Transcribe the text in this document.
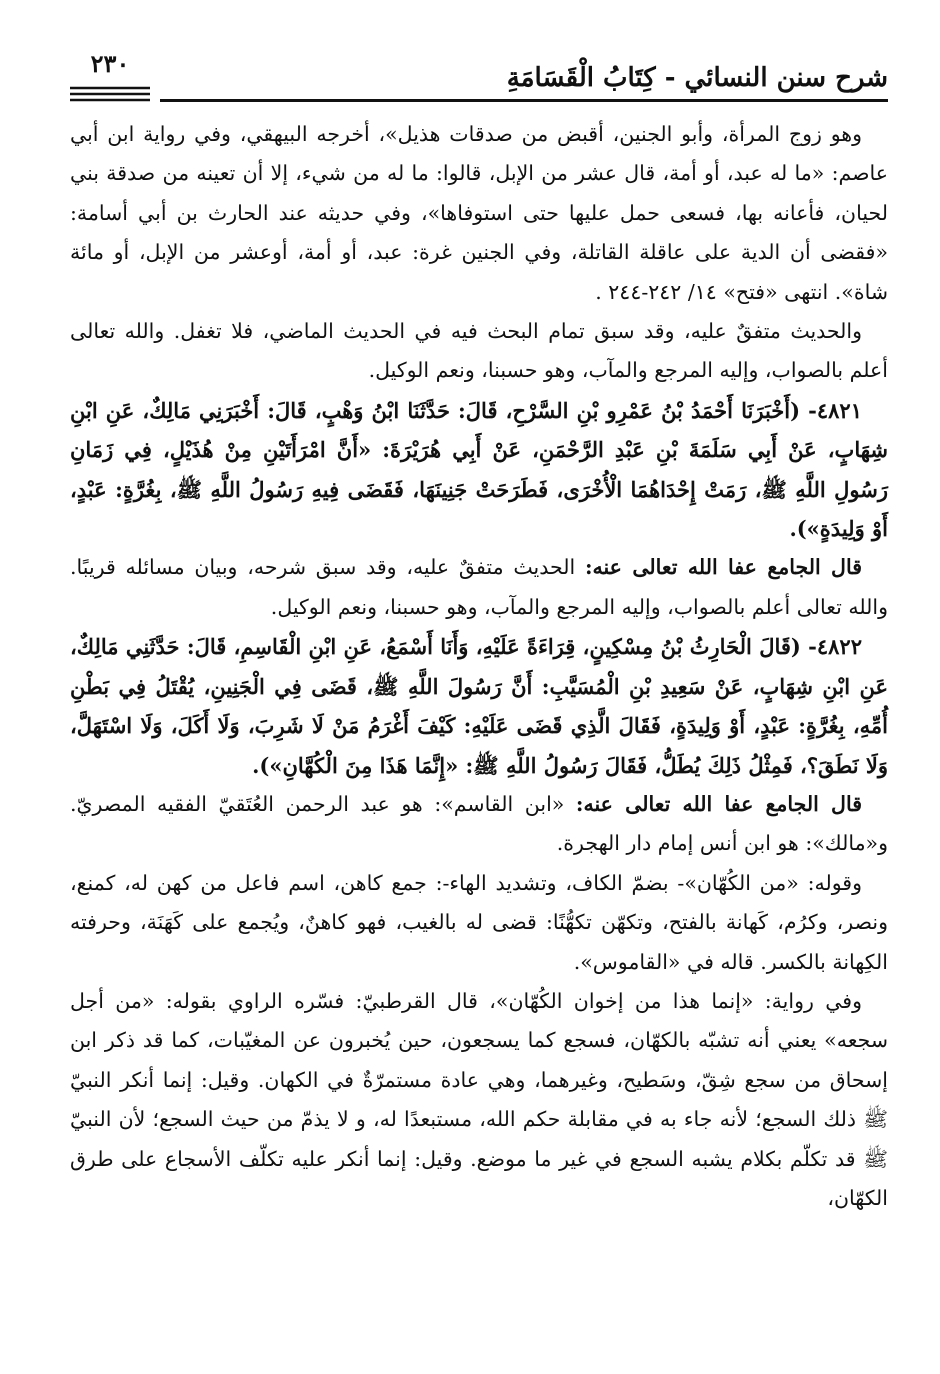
شرح سنن النسائي - كِتَابُ الْقَسَامَةِ

وهو زوج المرأة، وأبو الجنين، أقبض من صدقات هذيل»، أخرجه البيهقي، وفي رواية ابن أبي عاصم: «ما له عبد، أو أمة، قال عشر من الإبل، قالوا: ما له من شيء، إلا أن تعينه من صدقة بني لحيان، فأعانه بها، فسعى حمل عليها حتى استوفاها»، وفي حديثه عند الحارث بن أبي أسامة: «فقضى أن الدية على عاقلة القاتلة، وفي الجنين غرة: عبد، أو أمة، أوعشر من الإبل، أو مائة شاة». انتهى «فتح» ١٤/ ٢٤٢-٢٤٤ .

والحديث متفقٌ عليه، وقد سبق تمام البحث فيه في الحديث الماضي، فلا تغفل. والله تعالى أعلم بالصواب، وإليه المرجع والمآب، وهو حسبنا، ونعم الوكيل.

٤٨٢١- (أَخْبَرَنَا أَحْمَدُ بْنُ عَمْرِو بْنِ السَّرْحِ، قَالَ: حَدَّثَنَا ابْنُ وَهْبٍ، قَالَ: أَخْبَرَنِي مَالِكٌ، عَنِ ابْنِ شِهَابٍ، عَنْ أَبِي سَلَمَةَ بْنِ عَبْدِ الرَّحْمَنِ، عَنْ أَبِي هُرَيْرَةَ: «أَنَّ امْرَأَتَيْنِ مِنْ هُذَيْلٍ، فِي زَمَانِ رَسُولِ اللَّهِ ﷺ، رَمَتْ إِحْدَاهُمَا الْأُخْرَى، فَطَرَحَتْ جَنِينَهَا، فَقَضَى فِيهِ رَسُولُ اللَّهِ ﷺ، بِغُرَّةٍ: عَبْدٍ، أَوْ وَلِيدَةٍ»).

قال الجامع عفا الله تعالى عنه: الحديث متفقٌ عليه، وقد سبق شرحه، وبيان مسائله قريبًا. والله تعالى أعلم بالصواب، وإليه المرجع والمآب، وهو حسبنا، ونعم الوكيل.

٤٨٢٢- (قَالَ الْحَارِثُ بْنُ مِسْكِينٍ، قِرَاءَةً عَلَيْهِ، وَأَنَا أَسْمَعُ، عَنِ ابْنِ الْقَاسِمِ، قَالَ: حَدَّثَنِي مَالِكٌ، عَنِ ابْنِ شِهَابٍ، عَنْ سَعِيدِ بْنِ الْمُسَيَّبِ: أَنَّ رَسُولَ اللَّهِ ﷺ، قَضَى فِي الْجَنِينِ، يُقْتَلُ فِي بَطْنِ أُمِّهِ، بِغُرَّةٍ: عَبْدٍ، أَوْ وَلِيدَةٍ، فَقَالَ الَّذِي قَضَى عَلَيْهِ: كَيْفَ أَغْرَمُ مَنْ لَا شَرِبَ، وَلَا أَكَلَ، وَلَا اسْتَهَلَّ، وَلَا نَطَقَ؟، فَمِثْلُ ذَلِكَ يُطَلُّ، فَقَالَ رَسُولُ اللَّهِ ﷺ: «إِنَّمَا هَذَا مِنَ الْكُهَّانِ»).

قال الجامع عفا الله تعالى عنه: «ابن القاسم»: هو عبد الرحمن العُتَقيّ الفقيه المصريّ. و«مالك»: هو ابن أنس إمام دار الهجرة.

وقوله: «من الكُهّان»- بضمّ الكاف، وتشديد الهاء-: جمع كاهن، اسم فاعل من كهن له، كمنع، ونصر، وكرُم، كَهانة بالفتح، وتكهّن تكهُّنًا: قضى له بالغيب، فهو كاهنٌ، ويُجمع على كَهَنَة، وحرفته الكِهانة بالكسر. قاله في «القاموس».

وفي رواية: «إنما هذا من إخوان الكُهّان»، قال القرطبيّ: فسّره الراوي بقوله: «من أجل سجعه» يعني أنه تشبّه بالكهّان، فسجع كما يسجعون، حين يُخبرون عن المغيّبات، كما قد ذكر ابن إسحاق من سجع شِقّ، وسَطيح، وغيرهما، وهي عادة مستمرّةٌ في الكهان. وقيل: إنما أنكر النبيّ ﷺ ذلك السجع؛ لأنه جاء به في مقابلة حكم الله، مستبعدًا له، و لا يذمّ من حيث السجع؛ لأن النبيّ ﷺ قد تكلّم بكلام يشبه السجع في غير ما موضع. وقيل: إنما أنكر عليه تكلّف الأسجاع على طرق الكهّان،

٢٣٠
